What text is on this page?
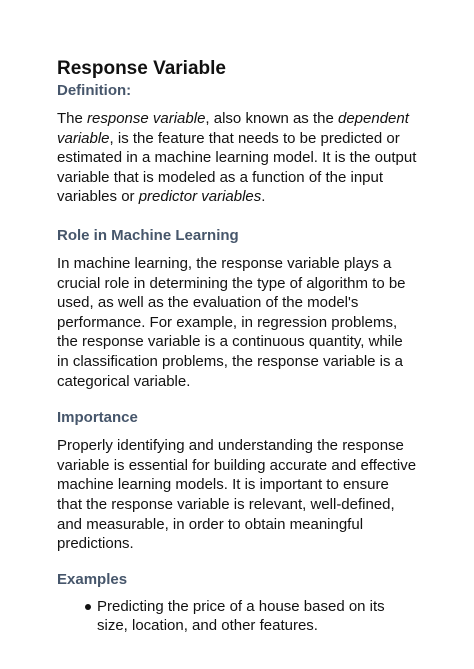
Response Variable
Definition:

The response variable, also known as the dependent variable, is the feature that needs to be predicted or estimated in a machine learning model. It is the output variable that is modeled as a function of the input variables or predictor variables.

Role in Machine Learning

In machine learning, the response variable plays a crucial role in determining the type of algorithm to be used, as well as the evaluation of the model's performance. For example, in regression problems, the response variable is a continuous quantity, while in classification problems, the response variable is a categorical variable.

Importance

Properly identifying and understanding the response variable is essential for building accurate and effective machine learning models. It is important to ensure that the response variable is relevant, well-defined, and measurable, in order to obtain meaningful predictions.

Examples
Predicting the price of a house based on its size, location, and other features.
